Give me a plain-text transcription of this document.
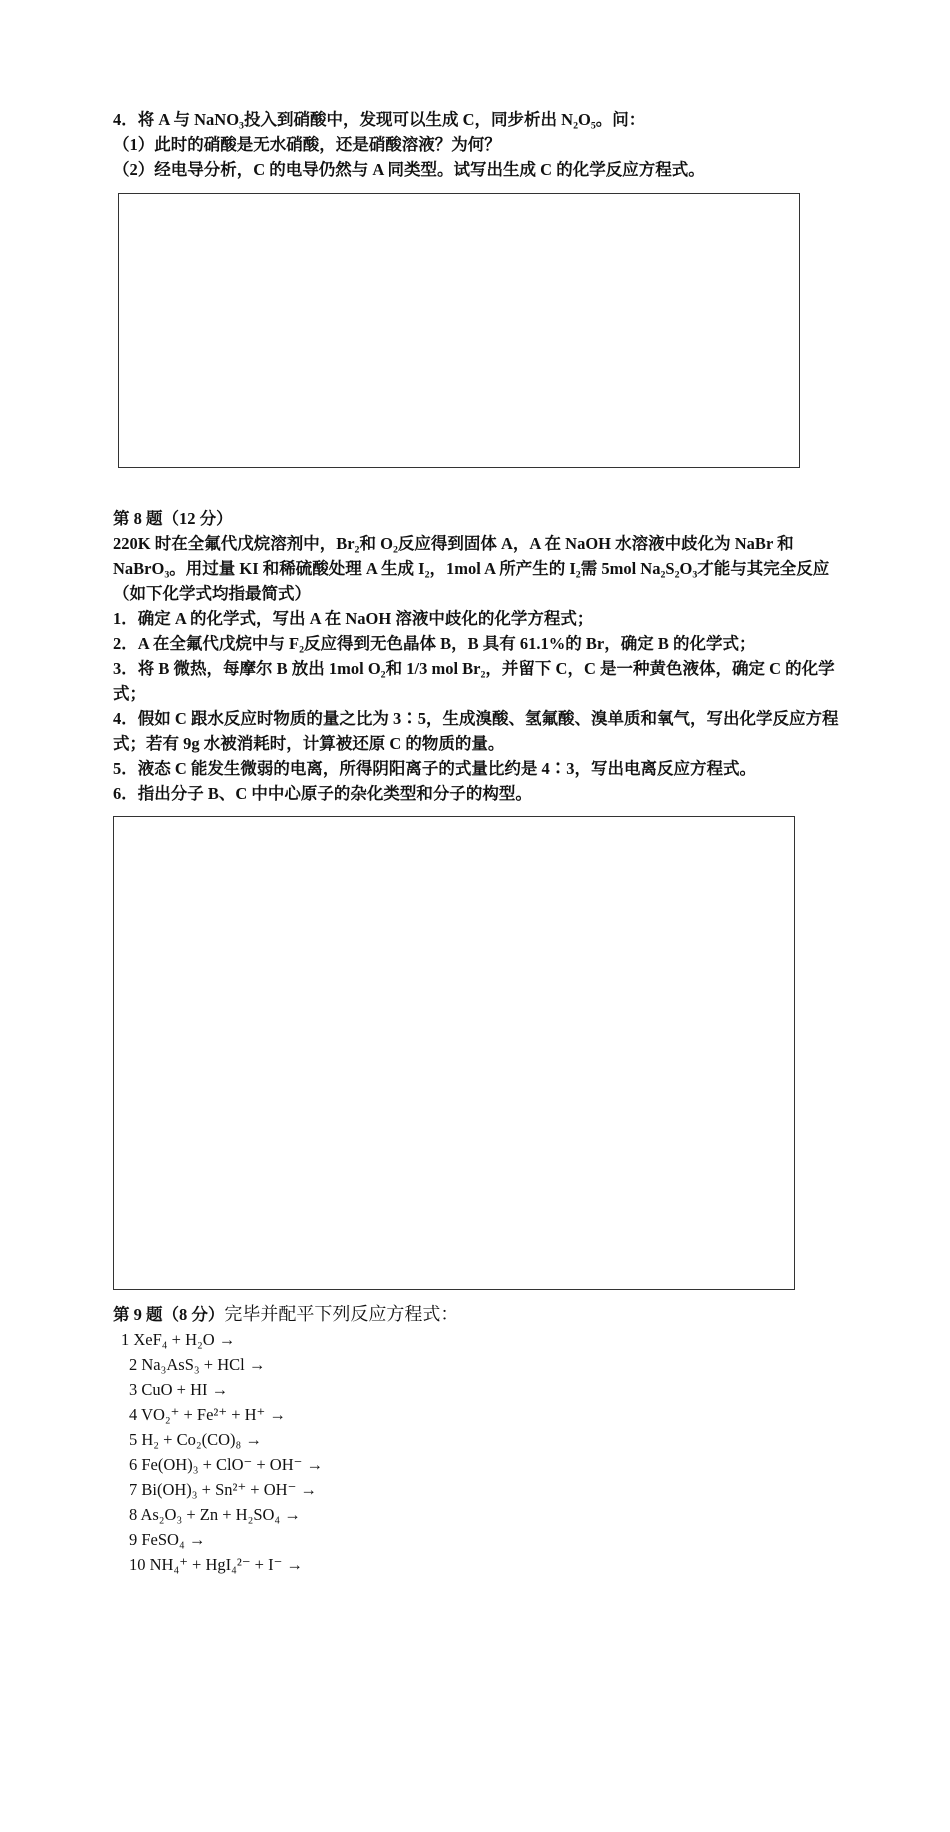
4．将 A 与 NaNO₃投入到硝酸中，发现可以生成 C，同步析出 N₂O₅。问：
（1）此时的硝酸是无水硝酸，还是硝酸溶液？为何？
（2）经电导分析，C 的电导仍然与 A 同类型。试写出生成 C 的化学反应方程式。
第 8 题（12 分）
220K 时在全氟代戊烷溶剂中，Br₂和 O₂反应得到固体 A，A 在 NaOH 水溶液中歧化为 NaBr 和 NaBrO₃。用过量 KI 和稀硫酸处理 A 生成 I₂，1mol A 所产生的 I₂需 5mol Na₂S₂O₃才能与其完全反应（如下化学式均指最简式）
1．确定 A 的化学式，写出 A 在 NaOH 溶液中歧化的化学方程式；
2．A 在全氟代戊烷中与 F₂反应得到无色晶体 B，B 具有 61.1%的 Br，确定 B 的化学式；
3．将 B 微热，每摩尔 B 放出 1mol O₂和 1/3 mol Br₂，并留下 C，C 是一种黄色液体，确定 C 的化学式；
4．假如 C 跟水反应时物质的量之比为 3∶5，生成溴酸、氢氟酸、溴单质和氧气，写出化学反应方程式；若有 9g 水被消耗时，计算被还原 C 的物质的量。
5．液态 C 能发生微弱的电离，所得阴阳离子的式量比约是 4∶3，写出电离反应方程式。
6．指出分子 B、C 中中心原子的杂化类型和分子的构型。
第 9 题（8 分）完毕并配平下列反应方程式：
1 XeF₄ + H₂O →
2 Na₃AsS₃ + HCl →
3 CuO + HI →
4 VO₂⁺ + Fe²⁺ + H⁺ →
5 H₂ + Co₂(CO)₈ →
6 Fe(OH)₃ + ClO⁻ + OH⁻ →
7 Bi(OH)₃ + Sn²⁺ + OH⁻ →
8 As₂O₃ + Zn + H₂SO₄ →
9 FeSO₄ →
10 NH₄⁺ + HgI₄²⁻ + I⁻ →
